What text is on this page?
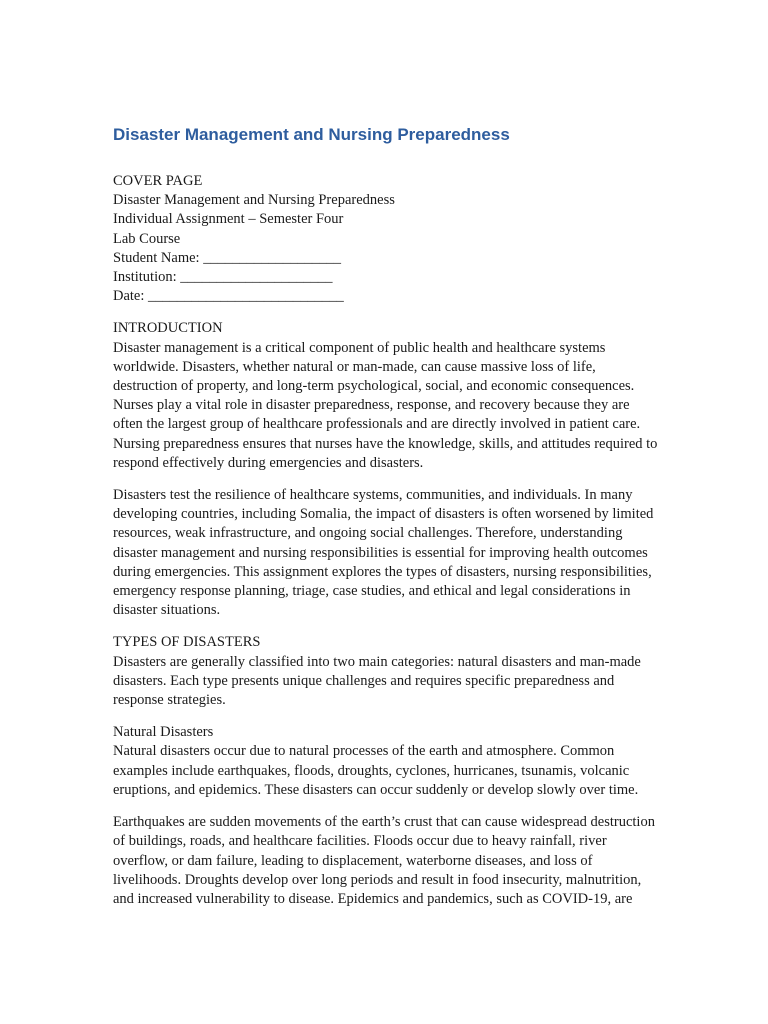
Disaster Management and Nursing Preparedness
COVER PAGE
Disaster Management and Nursing Preparedness
Individual Assignment – Semester Four
Lab Course
Student Name: ___________________
Institution: _____________________
Date: ___________________________
INTRODUCTION

Disaster management is a critical component of public health and healthcare systems worldwide. Disasters, whether natural or man-made, can cause massive loss of life, destruction of property, and long-term psychological, social, and economic consequences. Nurses play a vital role in disaster preparedness, response, and recovery because they are often the largest group of healthcare professionals and are directly involved in patient care. Nursing preparedness ensures that nurses have the knowledge, skills, and attitudes required to respond effectively during emergencies and disasters.

Disasters test the resilience of healthcare systems, communities, and individuals. In many developing countries, including Somalia, the impact of disasters is often worsened by limited resources, weak infrastructure, and ongoing social challenges. Therefore, understanding disaster management and nursing responsibilities is essential for improving health outcomes during emergencies. This assignment explores the types of disasters, nursing responsibilities, emergency response planning, triage, case studies, and ethical and legal considerations in disaster situations.

TYPES OF DISASTERS

Disasters are generally classified into two main categories: natural disasters and man-made disasters. Each type presents unique challenges and requires specific preparedness and response strategies.

Natural Disasters

Natural disasters occur due to natural processes of the earth and atmosphere. Common examples include earthquakes, floods, droughts, cyclones, hurricanes, tsunamis, volcanic eruptions, and epidemics. These disasters can occur suddenly or develop slowly over time.

Earthquakes are sudden movements of the earth’s crust that can cause widespread destruction of buildings, roads, and healthcare facilities. Floods occur due to heavy rainfall, river overflow, or dam failure, leading to displacement, waterborne diseases, and loss of livelihoods. Droughts develop over long periods and result in food insecurity, malnutrition, and increased vulnerability to disease. Epidemics and pandemics, such as COVID-19, are
